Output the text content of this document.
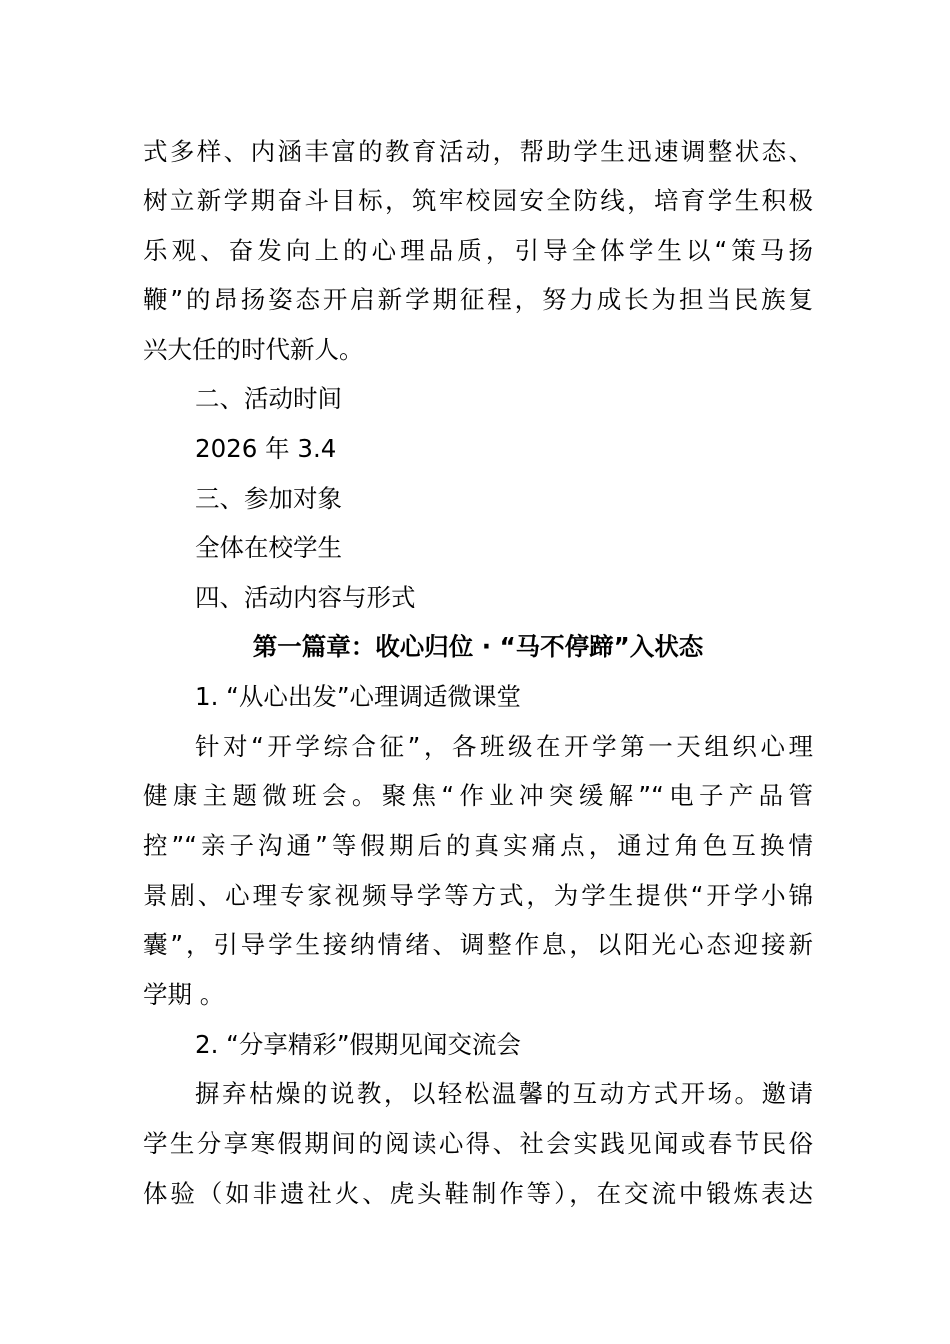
式多样、内涵丰富的教育活动，帮助学生迅速调整状态、
树立新学期奋斗目标，筑牢校园安全防线，培育学生积极
乐观、奋发向上的心理品质，引导全体学生以“策马扬
鞭”的昂扬姿态开启新学期征程，努力成长为担当民族复
兴大任的时代新人。
二、活动时间
2026 年 3.4
三、参加对象
全体在校学生
四、活动内容与形式
第一篇章：收心归位 · “马不停蹄”入状态
1. “从心出发”心理调适微课堂
针对“开学综合征”，各班级在开学第一天组织心理
健康主题微班会。聚焦“作业冲突缓解”“电子产品管
控”“亲子沟通”等假期后的真实痛点，通过角色互换情
景剧、心理专家视频导学等方式，为学生提供“开学小锦
囊”，引导学生接纳情绪、调整作息，以阳光心态迎接新
学期 。
2. “分享精彩”假期见闻交流会
摒弃枯燥的说教，以轻松温馨的互动方式开场。邀请
学生分享寒假期间的阅读心得、社会实践见闻或春节民俗
体验（如非遗社火、虎头鞋制作等），在交流中锻炼表达
